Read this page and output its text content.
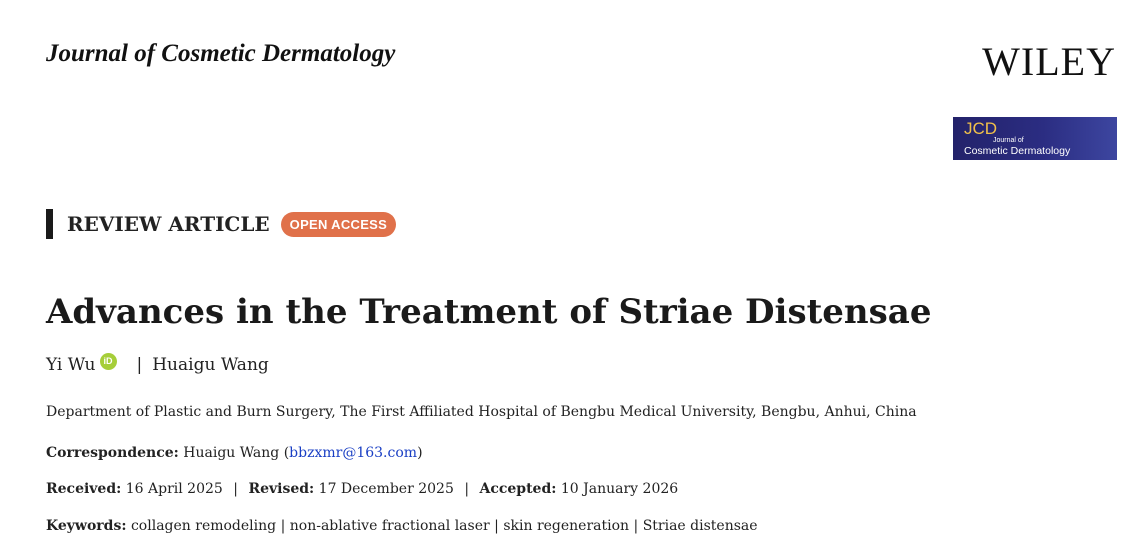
Journal of Cosmetic Dermatology	WILEY
JCD
Journal of
Cosmetic Dermatology
REVIEW ARTICLE	OPEN ACCESS
Advances in the Treatment of Striae Distensae
Yi Wu iD | Huaigu Wang
Department of Plastic and Burn Surgery, The First Affiliated Hospital of Bengbu Medical University, Bengbu, Anhui, China
Correspondence: Huaigu Wang (bbzxmr@163.com)
Received: 16 April 2025 | Revised: 17 December 2025 | Accepted: 10 January 2026
Keywords: collagen remodeling | non-ablative fractional laser | skin regeneration | Striae distensae
